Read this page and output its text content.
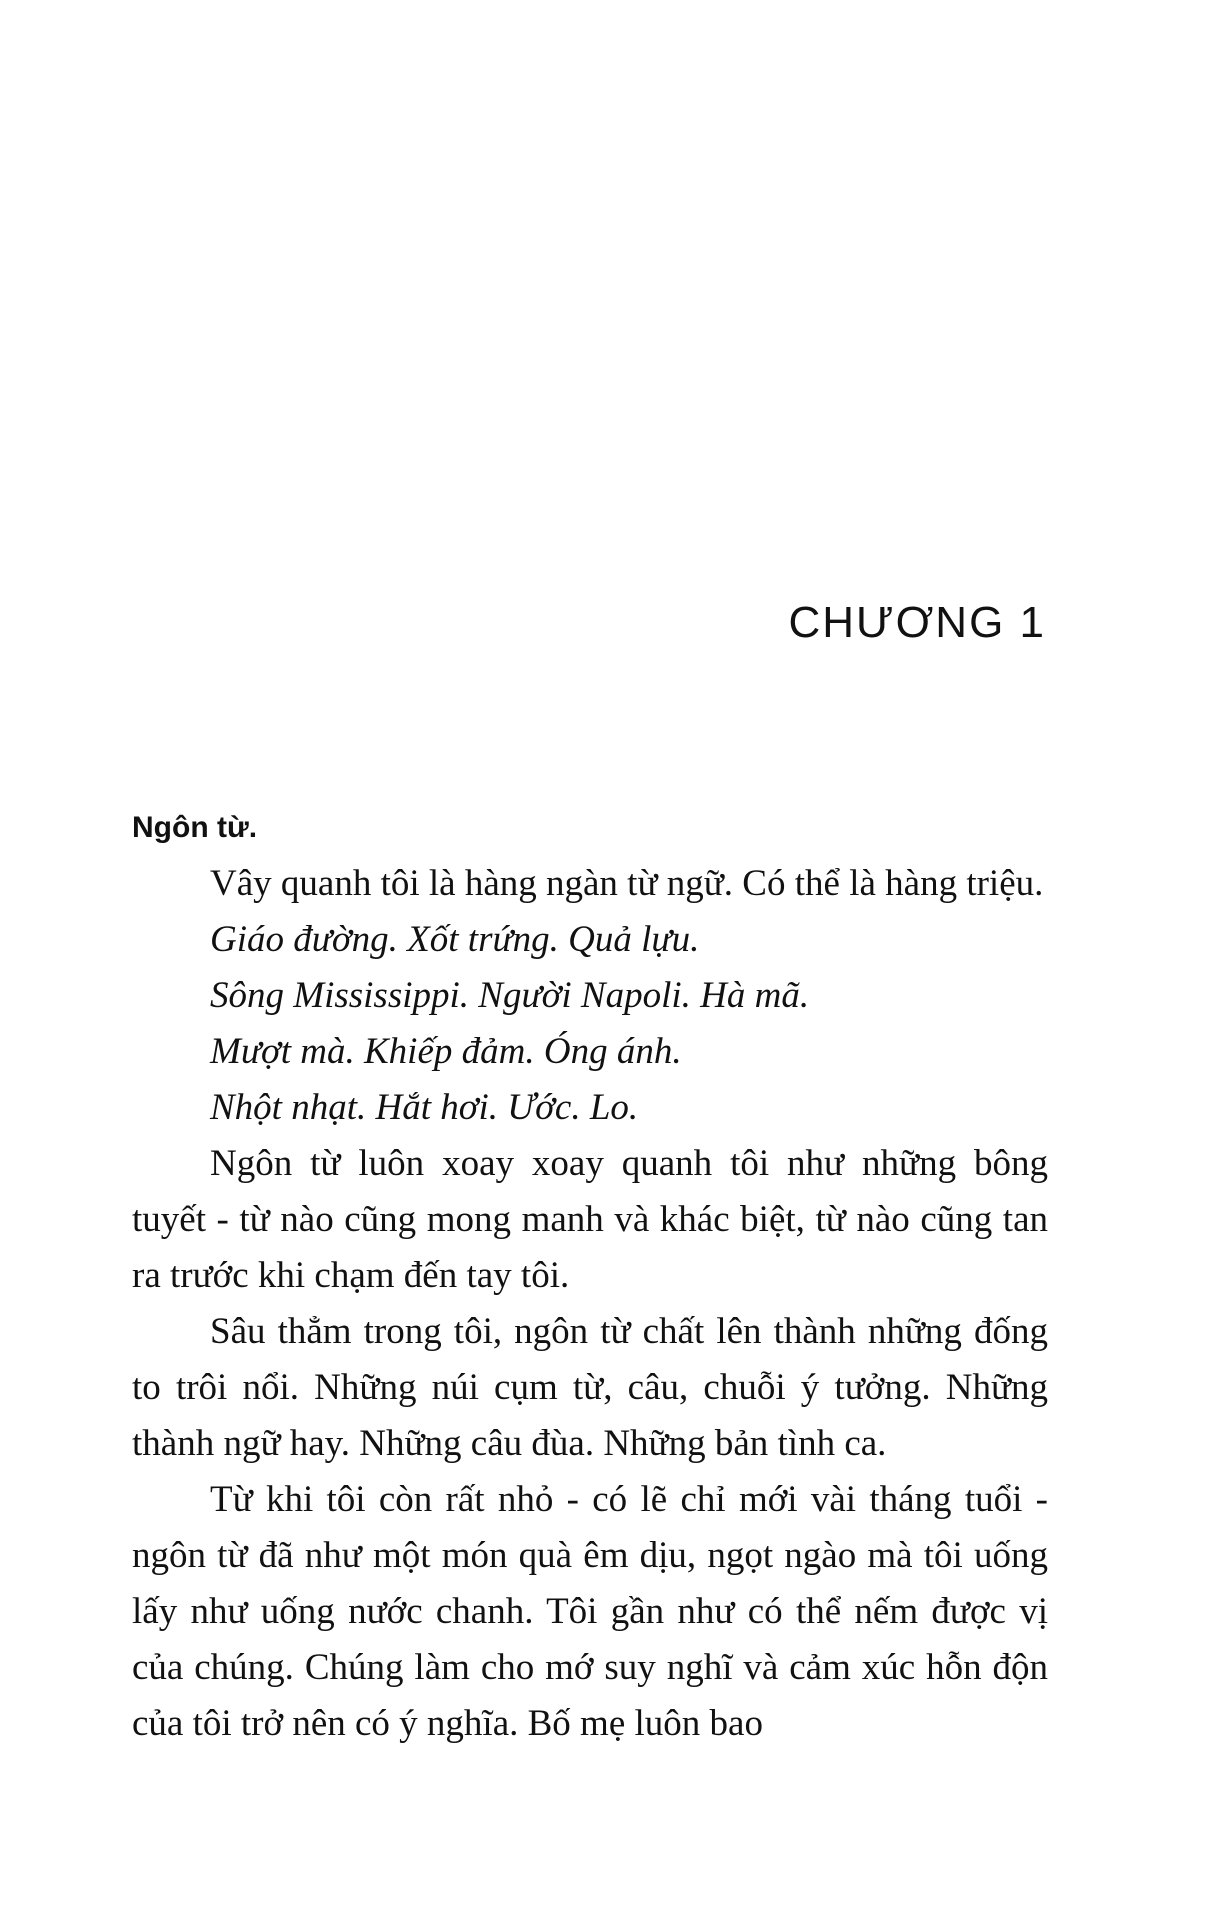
CHƯƠNG 1

Ngôn từ.

Vây quanh tôi là hàng ngàn từ ngữ. Có thể là hàng triệu.

Giáo đường. Xốt trứng. Quả lựu.

Sông Mississippi. Người Napoli. Hà mã.

Mượt mà. Khiếp đảm. Óng ánh.

Nhột nhạt. Hắt hơi. Ước. Lo.

Ngôn từ luôn xoay xoay quanh tôi như những bông tuyết - từ nào cũng mong manh và khác biệt, từ nào cũng tan ra trước khi chạm đến tay tôi.

Sâu thẳm trong tôi, ngôn từ chất lên thành những đống to trôi nổi. Những núi cụm từ, câu, chuỗi ý tưởng. Những thành ngữ hay. Những câu đùa. Những bản tình ca.

Từ khi tôi còn rất nhỏ - có lẽ chỉ mới vài tháng tuổi - ngôn từ đã như một món quà êm dịu, ngọt ngào mà tôi uống lấy như uống nước chanh. Tôi gần như có thể nếm được vị của chúng. Chúng làm cho mớ suy nghĩ và cảm xúc hỗn độn của tôi trở nên có ý nghĩa. Bố mẹ luôn bao
